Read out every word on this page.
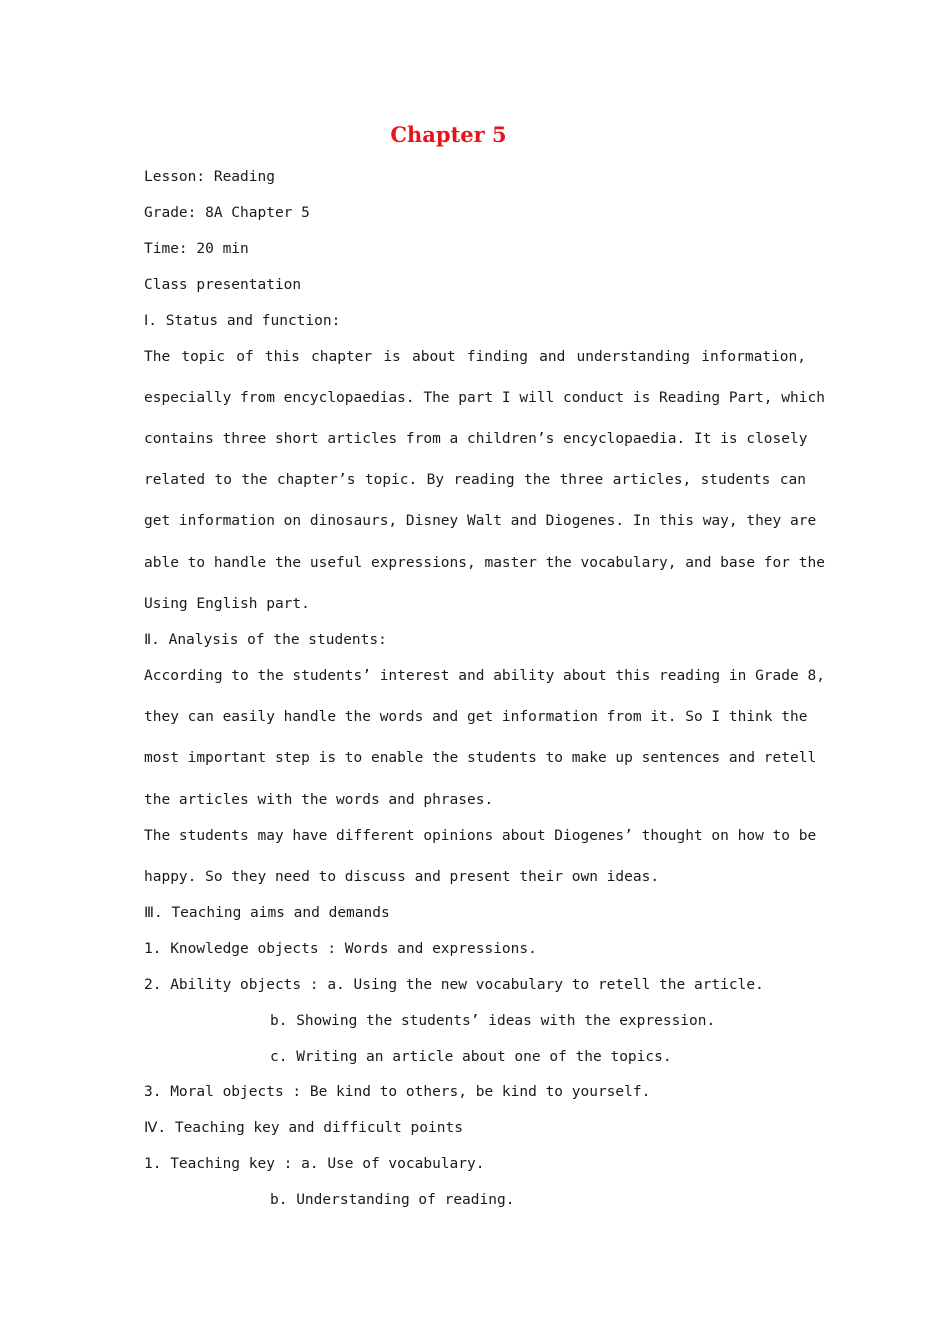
Chapter 5
Lesson: Reading
Grade: 8A Chapter 5
Time: 20 min
Class presentation
Ⅰ. Status and function:
The topic of this chapter is about finding and understanding information,
especially from encyclopaedias. The part I will conduct is Reading Part, which
contains three short articles from a children’s encyclopaedia. It is closely
related to the chapter’s topic. By reading the three articles, students can
get information on dinosaurs, Disney Walt and Diogenes. In this way, they are
able to handle the useful expressions, master the vocabulary, and base for the
Using English part.
Ⅱ. Analysis of the students:
According to the students’ interest and ability about this reading in Grade 8,
they can easily handle the words and get information from it. So I think the
most important step is to enable the students to make up sentences and retell
the articles with the words and phrases.
The students may have different opinions about Diogenes’ thought on how to be
happy. So they need to discuss and present their own ideas.
Ⅲ. Teaching aims and demands
1. Knowledge objects : Words and expressions.
2. Ability objects : a. Using the new vocabulary to retell the article.
b. Showing the students’ ideas with the expression.
c. Writing an article about one of the topics.
3. Moral objects : Be kind to others, be kind to yourself.
Ⅳ. Teaching key and difficult points
1. Teaching key : a. Use of vocabulary.
b. Understanding of reading.
